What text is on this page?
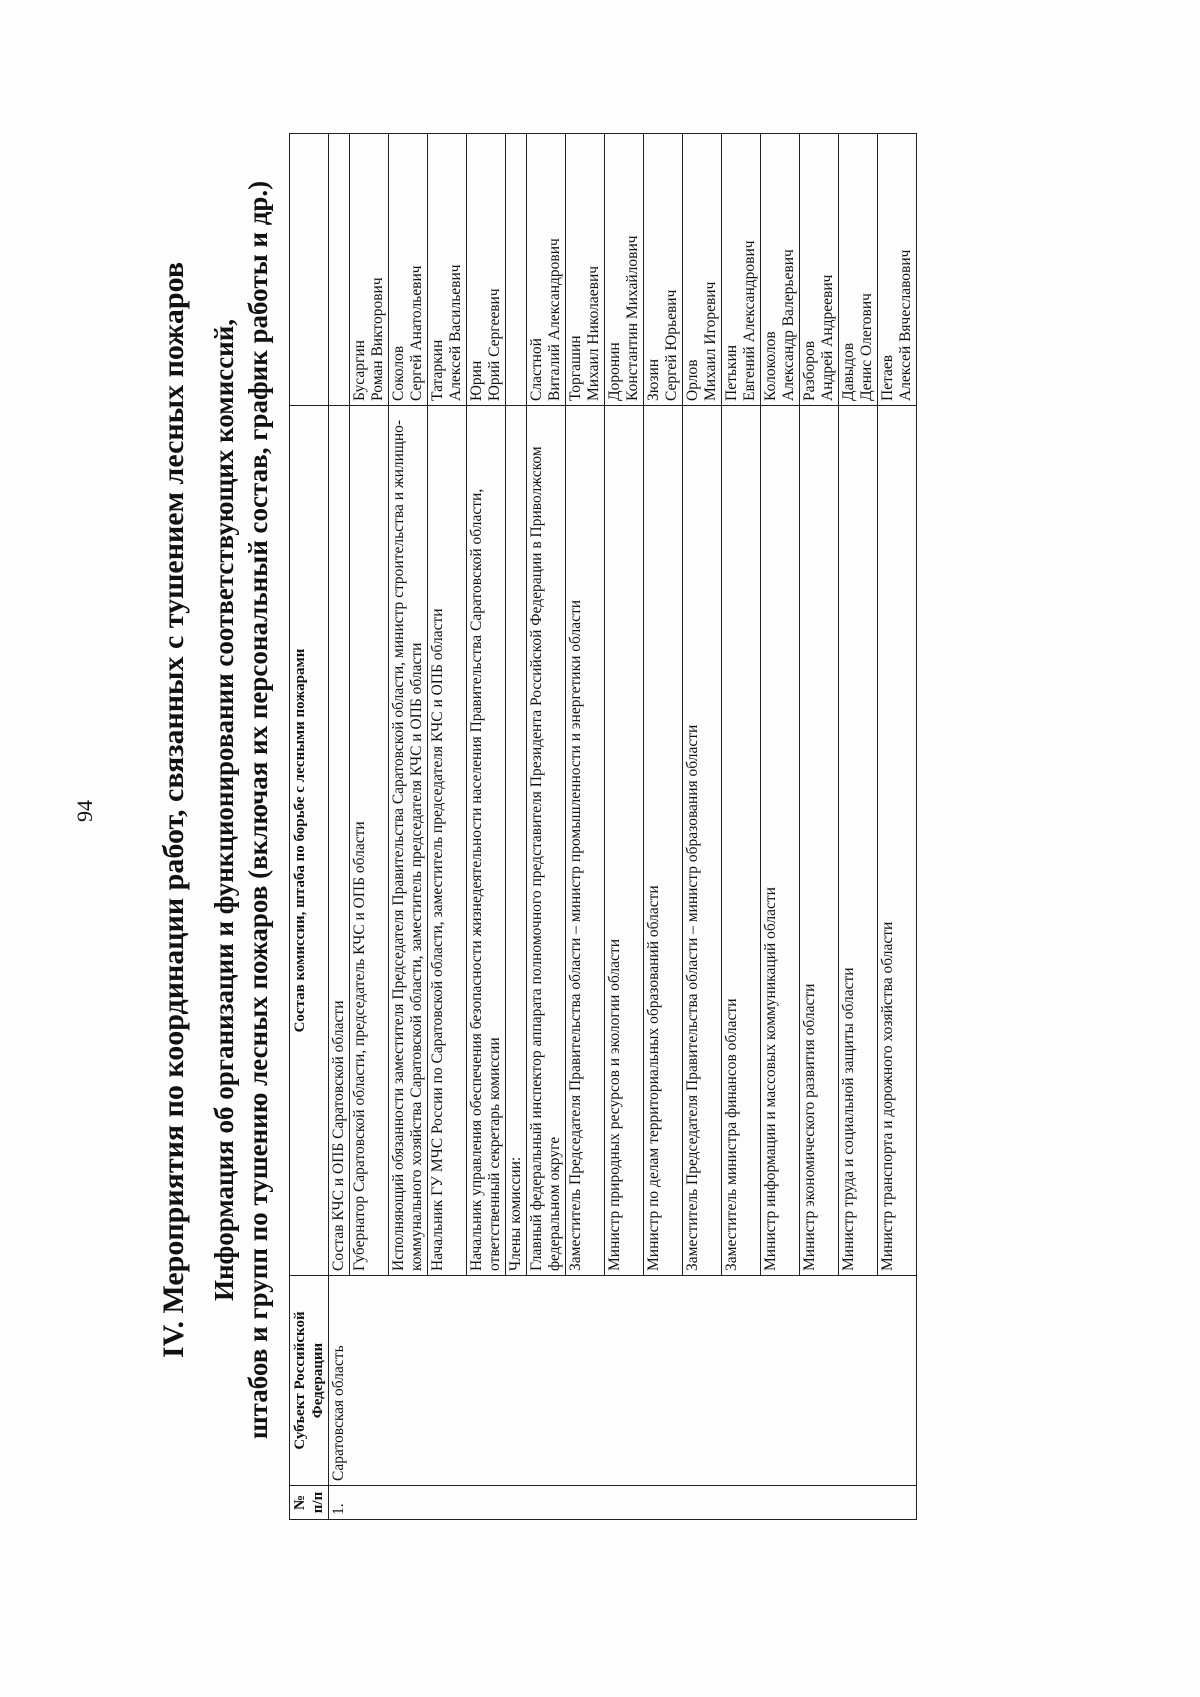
94 IV. Мероприятия по координации работ, связанных с тушением лесных пожаров Информация об организации и функционировании соответствующих комиссий, штабов и групп по тушению лесных пожаров (включая их персональный состав, график работы и др.)
№ п/п	Субъект Российской Федерации	Состав комиссии, штаба по борьбе с лесными пожарами	
1.	Саратовская область	Состав КЧС и ОПБ Саратовской области	

		Губернатор Саратовской области, председатель КЧС и ОПБ области	Бусаргин Роман Викторович

		Исполняющий обязанности заместителя Председателя Правительства Саратовской области, министр строительства и жилищно-коммунального хозяйства Саратовской области, заместитель председателя КЧС и ОПБ области	Соколов Сергей Анатольевич

		Начальник ГУ МЧС России по Саратовской области, заместитель председателя КЧС и ОПБ области	Татаркин Алексей Васильевич

		Начальник управления обеспечения безопасности жизнедеятельности населения Правительства Саратовской области, ответственный секретарь комиссии	Юрин Юрий Сергеевич

		Члены комиссии:	

		Главный федеральный инспектор аппарата полномочного представителя Президента Российской Федерации в Приволжском федеральном округе	Сластной Виталий Александрович

		Заместитель Председателя Правительства области – министр промышленности и энергетики области	Торгашин Михаил Николаевич

		Министр природных ресурсов и экологии области	Доронин Константин Михайлович

		Министр по делам территориальных образований области	Зюзин Сергей Юрьевич

		Заместитель Председателя Правительства области – министр образования области	Орлов Михаил Игоревич

		Заместитель министра финансов области	Петькин Евгений Александрович

		Министр информации и массовых коммуникаций области	Колоколов Александр Валерьевич

		Министр экономического развития области	Разборов Андрей Андреевич

		Министр труда и социальной защиты области	Давыдов Денис Олегович

		Министр транспорта и дорожного хозяйства области	Петаев Алексей Вячеславович
